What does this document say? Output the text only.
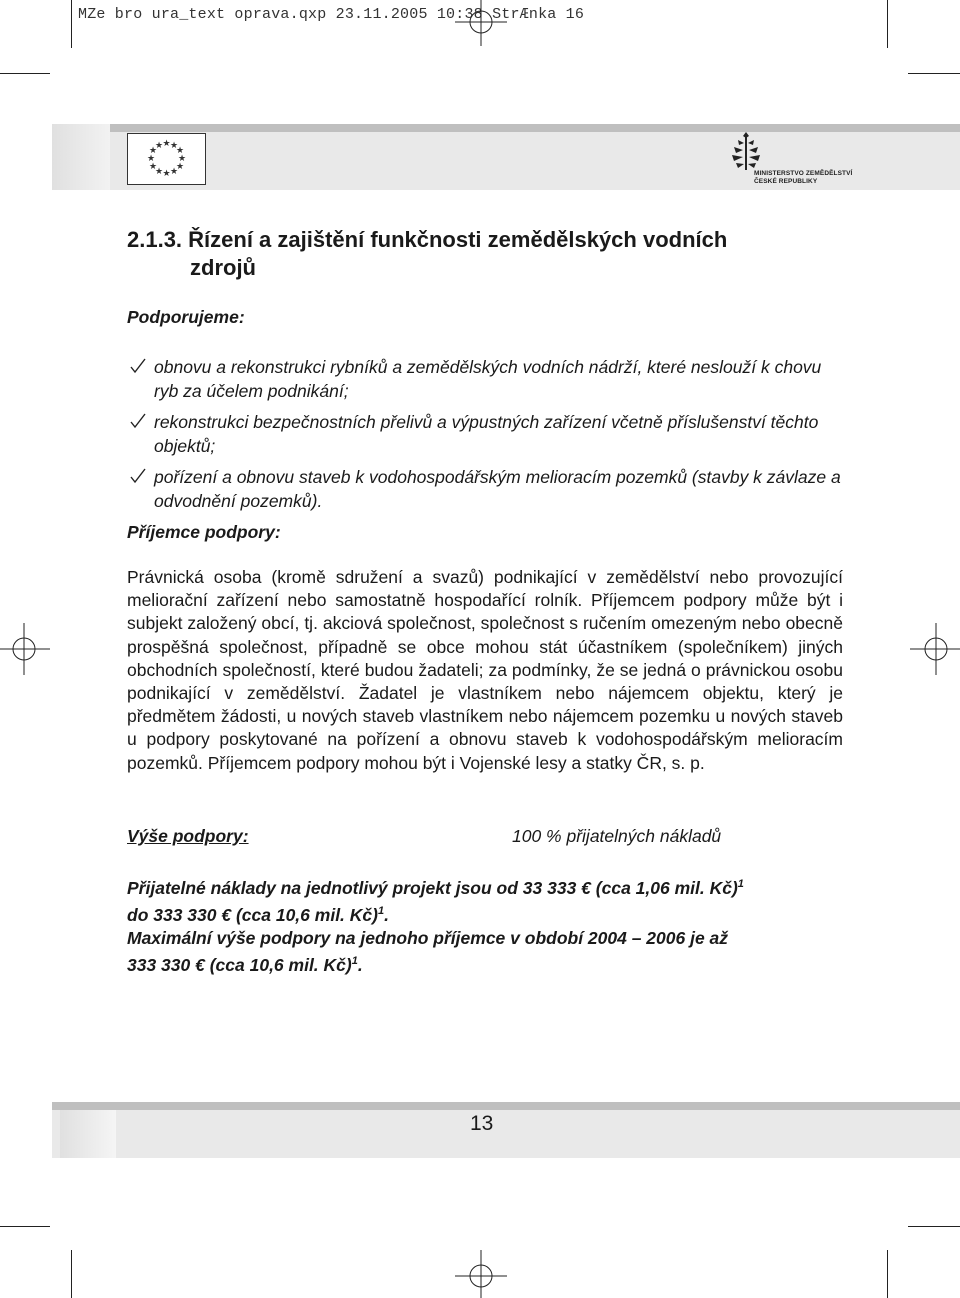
MZe bro ura_text oprava.qxp 23.11.2005 10:38 StrÆnka 16
★ ★
★
★
★
★
★
★
★
★
★
★
MINISTERSTVO ZEMĚDĚLSTVÍ
ČESKÉ REPUBLIKY
2.1.3. Řízení a zajištění funkčnosti zemědělských vodních
zdrojů
Podporujeme:
obnovu a rekonstrukci rybníků a zemědělských vodních nádrží, které neslouží k chovu ryb za účelem podnikání;
rekonstrukci bezpečnostních přelivů a výpustných zařízení včetně příslušenství těchto objektů;
pořízení a obnovu staveb k vodohospodářským melioracím pozemků (stavby k závlaze a odvodnění pozemků).
Příjemce podpory:
Právnická osoba (kromě sdružení a svazů) podnikající v zemědělství nebo provozující meliorační zařízení nebo samostatně hospodařící rolník. Příjemcem podpory může být i subjekt založený obcí, tj. akciová společnost, společnost s ručením omezeným nebo obecně prospěšná společnost, případně se obce mohou stát účastníkem (společníkem) jiných obchodních společností, které budou žadateli; za podmínky, že se jedná o právnickou osobu podnikající v zemědělství. Žadatel je vlastníkem nebo nájemcem objektu, který je předmětem žádosti, u nových staveb vlastníkem nebo nájemcem pozemku u nových staveb u podpory poskytované na pořízení a obnovu staveb k vodohospodářským melioracím pozemků. Příjemcem podpory mohou být i Vojenské lesy a statky ČR, s. p.
Výše podpory:	100 % přijatelných nákladů
Přijatelné náklady na jednotlivý projekt jsou od 33 333 € (cca 1,06 mil. Kč)$^1$
do 333 330 € (cca 10,6 mil. Kč)$^1$.
Maximální výše podpory na jednoho příjemce v období 2004 – 2006 je až
333 330 € (cca 10,6 mil. Kč)$^1$.
13
